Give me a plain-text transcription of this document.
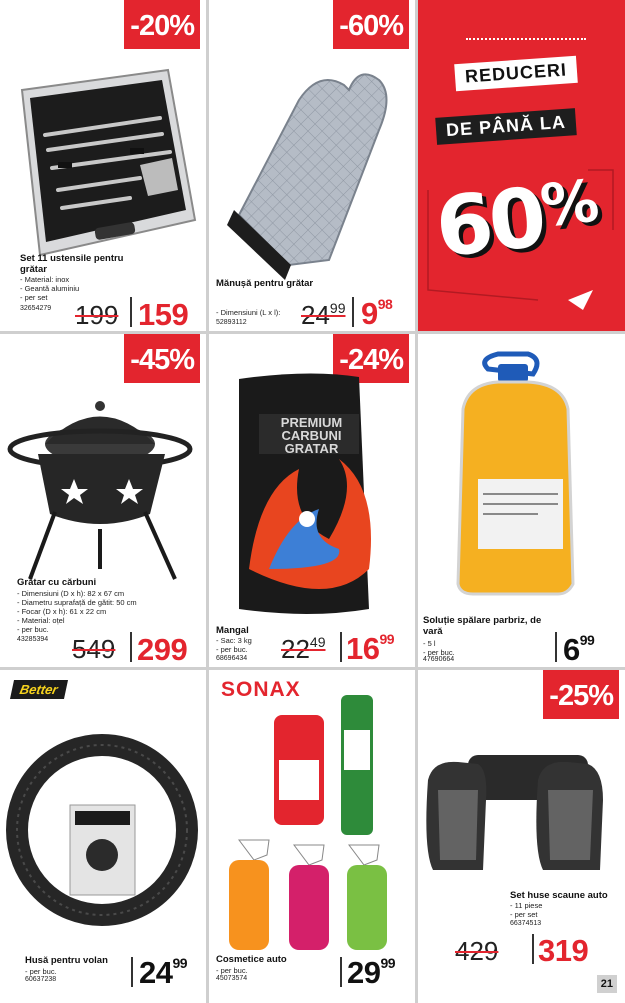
-20%
Set 11 ustensile pentru grătar
- Material: inox
- Geantă aluminiu
- per set
32654279 199 159
-60%
Mănușă pentru grătar

- Dimensiuni (L x l):

52893112 $24^{99}$ $9^{98}$
REDUCERI
DE PÂNĂ LA
60%
-45%
Grătar cu cărbuni
- Dimensiuni (D x h): 82 x 67 cm
- Diametru suprafață de gătit: 50 cm
- Focar (D x h): 61 x 22 cm
- Material: oțel
- per buc.
43285394 549 299
-24%
PREMIUM CARBUNI GRATAR
Mangal
- Sac: 3 kg
- per buc.
68696434 $22^{49}$ $16^{99}$
Soluție spălare parbriz, de vară
- 5 l
- per buc.
47690664	$6^{99}$
Better
Husă pentru volan
- per buc.
60637238	$24^{99}$
SONAX
Cosmetice auto
- per buc.
45073574	$29^{99}$
-25%
Set huse scaune auto
- 11 piese
- per set
66374513
429 319
21
